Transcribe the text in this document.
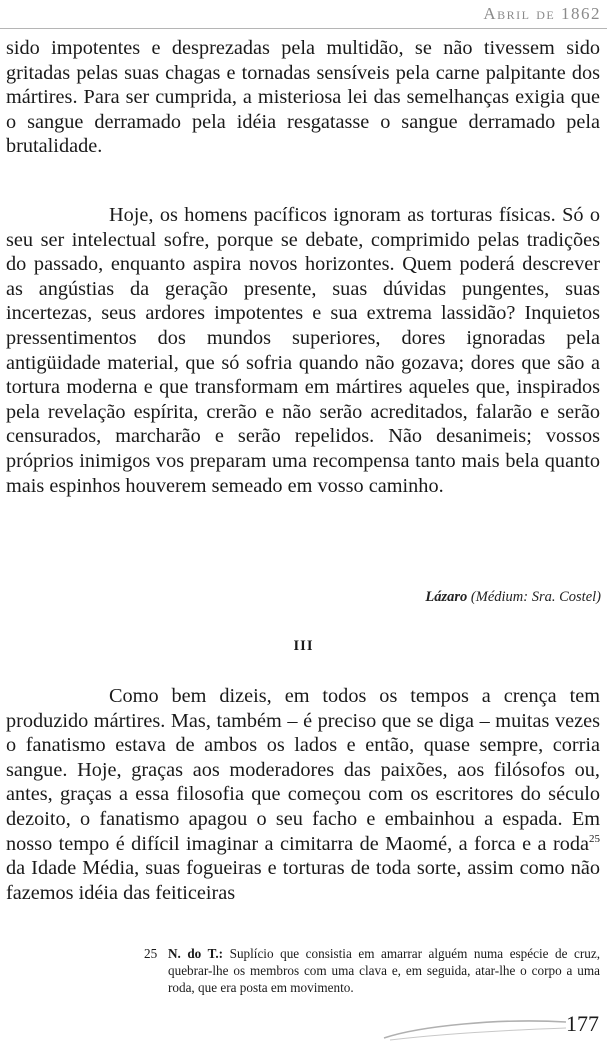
Abril de 1862

sido impotentes e desprezadas pela multidão, se não tivessem sido gritadas pelas suas chagas e tornadas sensíveis pela carne palpitante dos mártires. Para ser cumprida, a misteriosa lei das semelhanças exigia que o sangue derramado pela idéia resgatasse o sangue derramado pela brutalidade.

Hoje, os homens pacíficos ignoram as torturas físicas. Só o seu ser intelectual sofre, porque se debate, comprimido pelas tradições do passado, enquanto aspira novos horizontes. Quem poderá descrever as angústias da geração presente, suas dúvidas pungentes, suas incertezas, seus ardores impotentes e sua extrema lassidão? Inquietos pressentimentos dos mundos superiores, dores ignoradas pela antigüidade material, que só sofria quando não gozava; dores que são a tortura moderna e que transformam em mártires aqueles que, inspirados pela revelação espírita, crerão e não serão acreditados, falarão e serão censurados, marcharão e serão repelidos. Não desanimeis; vossos próprios inimigos vos preparam uma recompensa tanto mais bela quanto mais espinhos houverem semeado em vosso caminho.

Lázaro (Médium: Sra. Costel)
III

Como bem dizeis, em todos os tempos a crença tem produzido mártires. Mas, também – é preciso que se diga – muitas vezes o fanatismo estava de ambos os lados e então, quase sempre, corria sangue. Hoje, graças aos moderadores das paixões, aos filósofos ou, antes, graças a essa filosofia que começou com os escritores do século dezoito, o fanatismo apagou o seu facho e embainhou a espada. Em nosso tempo é difícil imaginar a cimitarra de Maomé, a forca e a roda$^{25}$ da Idade Média, suas fogueiras e torturas de toda sorte, assim como não fazemos idéia das feiticeiras

25 N. do T.: Suplício que consistia em amarrar alguém numa espécie de cruz, quebrar-lhe os membros com uma clava e, em seguida, atar-lhe o corpo a uma roda, que era posta em movimento.
177
